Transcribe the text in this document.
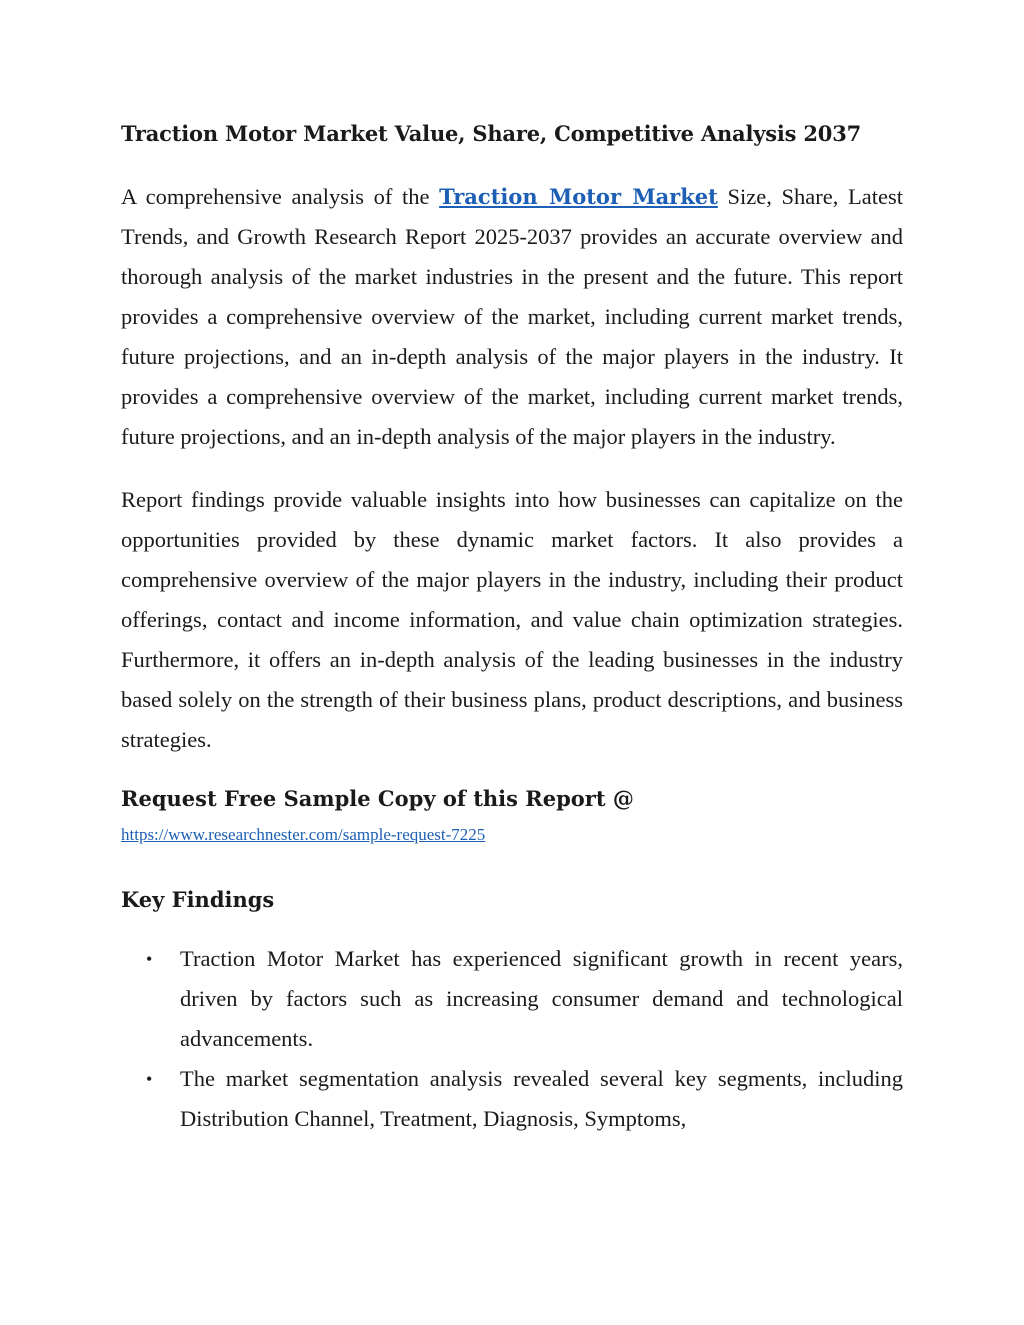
Traction Motor Market Value, Share, Competitive Analysis 2037

A comprehensive analysis of the Traction Motor Market Size, Share, Latest Trends, and Growth Research Report 2025-2037 provides an accurate overview and thorough analysis of the market industries in the present and the future. This report provides a comprehensive overview of the market, including current market trends, future projections, and an in-depth analysis of the major players in the industry. It provides a comprehensive overview of the market, including current market trends, future projections, and an in-depth analysis of the major players in the industry.

Report findings provide valuable insights into how businesses can capitalize on the opportunities provided by these dynamic market factors. It also provides a comprehensive overview of the major players in the industry, including their product offerings, contact and income information, and value chain optimization strategies. Furthermore, it offers an in-depth analysis of the leading businesses in the industry based solely on the strength of their business plans, product descriptions, and business strategies.

Request Free Sample Copy of this Report @
https://www.researchnester.com/sample-request-7225
Key Findings
• Traction Motor Market has experienced significant growth in recent years, driven by factors such as increasing consumer demand and technological advancements.
• The market segmentation analysis revealed several key segments, including Distribution Channel, Treatment, Diagnosis, Symptoms,
